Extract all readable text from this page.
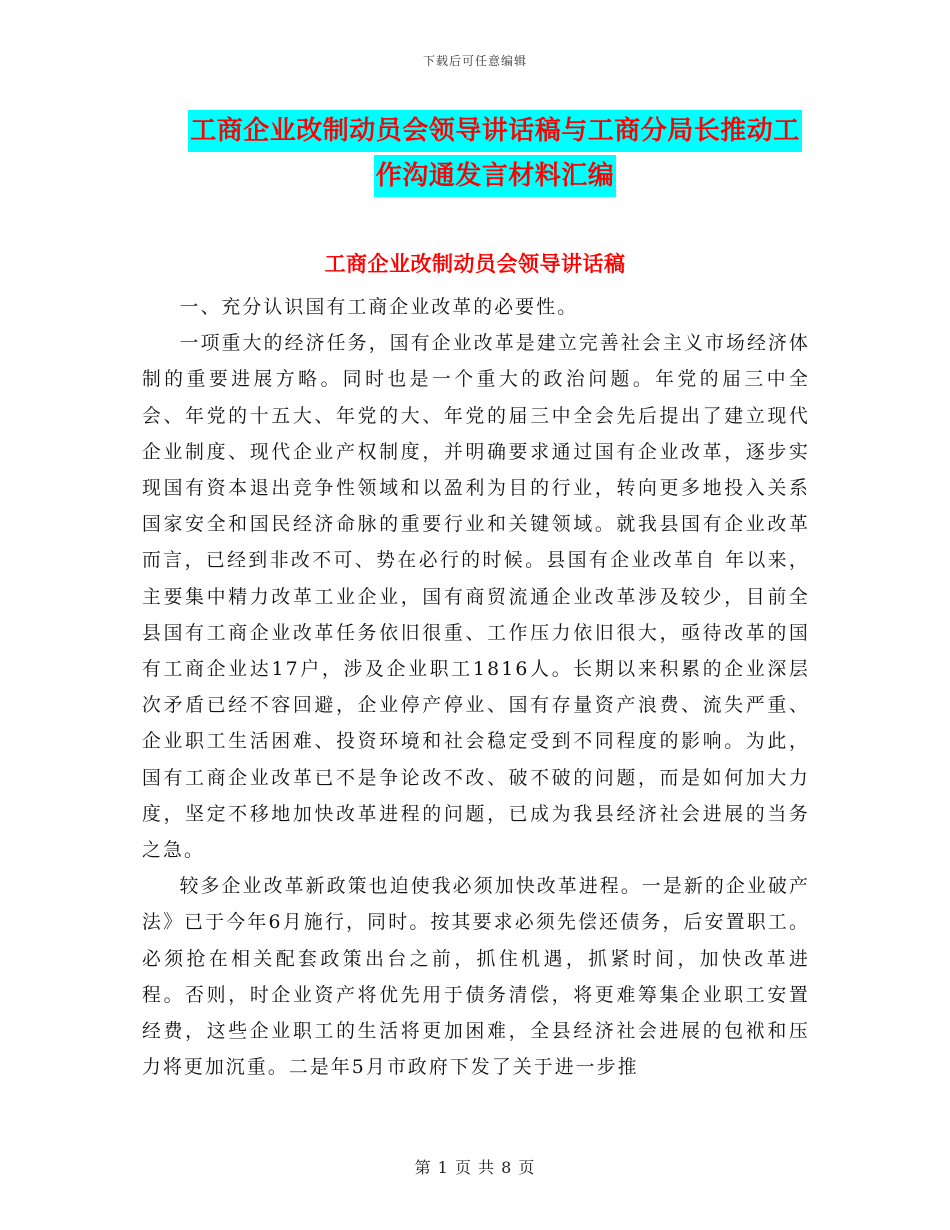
下载后可任意编辑
工商企业改制动员会领导讲话稿与工商分局长推动工
作沟通发言材料汇编
工商企业改制动员会领导讲话稿

一、充分认识国有工商企业改革的必要性。

一项重大的经济任务，国有企业改革是建立完善社会主义市场经济体制的重要进展方略。同时也是一个重大的政治问题。年党的届三中全会、年党的十五大、年党的大、年党的届三中全会先后提出了建立现代企业制度、现代企业产权制度，并明确要求通过国有企业改革，逐步实现国有资本退出竞争性领域和以盈利为目的行业，转向更多地投入关系国家安全和国民经济命脉的重要行业和关键领域。就我县国有企业改革而言，已经到非改不可、势在必行的时候。县国有企业改革自 年以来，主要集中精力改革工业企业，国有商贸流通企业改革涉及较少，目前全县国有工商企业改革任务依旧很重、工作压力依旧很大，亟待改革的国有工商企业达17户，涉及企业职工1816人。长期以来积累的企业深层次矛盾已经不容回避，企业停产停业、国有存量资产浪费、流失严重、企业职工生活困难、投资环境和社会稳定受到不同程度的影响。为此，国有工商企业改革已不是争论改不改、破不破的问题，而是如何加大力度，坚定不移地加快改革进程的问题，已成为我县经济社会进展的当务之急。

较多企业改革新政策也迫使我必须加快改革进程。一是新的企业破产法》已于今年6月施行，同时。按其要求必须先偿还债务，后安置职工。必须抢在相关配套政策出台之前，抓住机遇，抓紧时间，加快改革进程。否则，时企业资产将优先用于债务清偿，将更难筹集企业职工安置经费，这些企业职工的生活将更加困难，全县经济社会进展的包袱和压力将更加沉重。二是年5月市政府下发了关于进一步推

第 1 页 共 8 页
